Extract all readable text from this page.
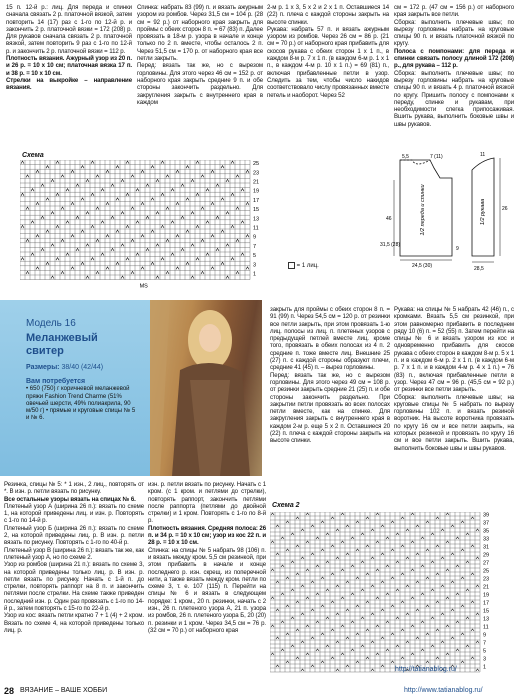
15 п. 12-й р.: лиц. Для переда и спинки сначала связать 2 р. платочной вязкой, затем повторить 14 (17) раз с 1-го по 12-й р. и закончить 2 р. платочной вязки = 172 (208) р. Для рукавов сначала связать 2 р. платочной вязкой, затем повторить 9 раз с 1-го по 12-й р. и закончить 2 р. платочной вязки = 112 р.

Плотность вязания. Ажурный узор из 20 п. и 26 р. = 10 х 10 см; платочная вязка 17 п. и 38 р. = 10 х 10 см.

Стрелки на выкройке – направление вязания.

Спинка: набрать 83 (99) п. и вязать ажурным узором из ромбов. Через 31,5 см = 104 р. (28 см = 92 р.) от наборного края закрыть для проймы с обеих сторон 8 п. = 67 (83) п. Далее провязать в 18-м р. узора в начале и конце только по 2 п. вместе, чтобы осталось 2 п. Через 51,5 см = 170 р. от наборного края все петли закрыть.

Перед: вязать так же, но с вырезом горловины. Для этого через 46 см = 152 р. от наборного края закрыть средние 9 п. и обе стороны закончить раздельно. Для закругления закрыть с внутреннего края в каждом

2-м р. 1 х 3, 5 х 2 и 2 х 1 п. Оставшиеся 14 (22) п. плеча с каждой стороны закрыть на высоте спинки.

Рукава: набрать 57 п. и вязать ажурным узором из ромбов. Через 26 см = 86 р. (21 см = 70 р.) от наборного края прибавить для скосов рукава с обеих сторон 1 х 1 п., в каждом 8-м р. 7 х 1 п. (в каждом 6-м р. 1 х 1 п., в каждом 4-м р. 10 х 1 п.) = 69 (81) п., включая прибавленные петли в узор. Следить за тем, чтобы число накидов соответствовало числу провязанных вместе петель и наоборот. Через 52

см = 172 р. (47 см = 156 р.) от наборного края закрыть все петли.

Сборка: выполнить плечевые швы; по вырезу горловины набрать на круговые спицы 90 п. и вязать платочной вязкой по кругу.

Полоса с помпонами: для переда и спинки связать полосу длиной 172 (208) р., для рукава – 112 р.

Сборка: выполнить плечевые швы; по вырезу горловины набрать на круговые спицы 90 п. и вязать 4 р. платочной вязкой по кругу. Пришить полосу с помпонами к переду, спинке и рукавам, при необходимости слегка припосаживая. Вшить рукава, выполнить боковые швы и швы рукавов.

Схема
25
23
21
19
17
15
13
11
9
7
5
3
1
MS
= 1 лиц.
1/2 переда и спинки	1/2 рукава
46
31,5 (28)
24,5 (30)
5,5	7 (11)
26
9
28,5
11
Модель 16
Меланжевый свитер
Размеры: 38/40 (42/44)
Вам потребуется
• 650 (750) г коричневой меланжевой пряжи Fashion Trend Charme (51% овечьей шерсти, 49% полиакрила, 90 м/50 г) • прямые и круговые спицы № 5 и № 6.

Резинка, спицы № 5: * 1 изн., 2 лиц., повторять от *. В изн. р. петли вязать по рисунку.

Все остальные узоры вязать на спицах № 6.

Плетеный узор А (ширина 26 п.): вязать по схеме 1, на которой приведены лиц. и изн. р. Повторять с 1-го по 14-й р.

Плетеный узор Б (ширина 26 п.): вязать по схеме 2, на которой приведены лиц. р. В изн. р. петли вязать по рисунку. Повторять с 1-го по 40-й р.

Плетеный узор В (ширина 26 п.): вязать так же, как плетеный узор А, но по схеме 2.

Узор из ромбов (ширина 21 п.): вязать по схеме 3, на которой приведены только лиц. р. В изн. р. петли вязать по рисунку. Начать с 1-й п. до стрелки, повторять раппорт на 8 п. и закончить петлями после стрелки. На схеме также приведен последний изн. р. Один раз провязать с 1-го по 14-й р., затем повторять с 15-го по 22-й р.

Узор из кос: вязать петли кратно 7 + 1 (4) + 2 кром. Вязать по схеме 4, на которой приведены только лиц. р.

изн. р. петли вязать по рисунку. Начать с 1 кром. (с 1 кром. и петлями до стрелки), повторять раппорт, закончить петлями после раппорта (петлями до двойной стрелки) и 1 кром. Повторять с 1-го по 8-й р.

Плотность вязания. Средняя полоса: 26 п. и 34 р. = 10 х 10 см; узор из кос 22 п. и 28 р. = 10 х 10 см.

Спинка: на спицы № 5 набрать 98 (106) п. и вязать между кром. 5,5 см резинкой, при этом прибавить в начале и конце последнего р. изн. скрещ. из поперечной нити, а также вязать между кром. петли по схеме 3, т. е. 107 (115) п. Перейти на спицы № 6 и вязать в следующем порядке: 1 кром., 20 п. резинки, начать с 2 изн., 26 п. плетеного узора А, 21 п. узора из ромбов, 26 п. плетеного узора Б, 20 (20) п. резинки и 1 кром. Через 34,5 см = 76 р. (32 см = 70 р.) от наборного края

закрыть для проймы с обеих сторон 8 п. = 91 (99) п. Через 54,5 см = 120 р. от резинки все петли закрыть, при этом провязать 1-ю лиц. полосы из лиц. п. плетеных узоров с предыдущей петлей вместе лиц. кроме того, провязать в обеих полосах из 4 п. 2 средние п. тоже вместе лиц. Внешние 25 (27) п. с каждой стороны образуют плечи, средние 41 (45) п. – вырез горловины.

Перед: вязать так же, но с вырезом горловины. Для этого через 49 см = 108 р. от резинки закрыть средние 21 (25) п. и обе стороны закончить раздельно. При закрытии петли провязать во всех полосах петли вместе, как на спинке. Для закругления закрыть с внутреннего края в каждом 2-м р. еще 5 х 2 п. Оставшиеся 20 (22) п. плеча с каждой стороны закрыть на высоте спинки.

Рукава: на спицы № 5 набрать 42 (46) п., с кромками. Вязать 5,5 см резинкой, при этом равномерно прибавить в последнем ряду 10 (6) п. = 52 (55) п. Затем перейти на спицы № 6 и вязать узором из кос и одновременно прибавить для скосов рукава с обеих сторон в каждом 8-м р. 5 х 1 п. и в каждом 6-м р. 2 х 1 п. (в каждом 6-м р. 7 х 1 п. и в каждом 4-м р. 4 х 1 п.) = 76 (83) п., включая прибавленные петли в узор. Через 47 см = 96 р. (45,5 см = 92 р.) от резинки все петли закрыть.

Сборка: выполнить плечевые швы; на круговые спицы № 5 набрать по вырезу горловины 102 п. и вязать резиной воротник. На высоте воротника провязать по кругу 16 см и все петли закрыть, на которых резинкой и провязать по кругу 16 см и все петли закрыть. Вшить рукава, выполнить боковые швы и швы рукавов.

Схема 2
39
37
35
33
31
29
27
25
23
21
19
17
15
13
11
9
7
5
3
1
28 ВЯЗАНИЕ – ВАШЕ ХОББИ	http://www.tatianablog.ru/
http://tatianablog.ru/
